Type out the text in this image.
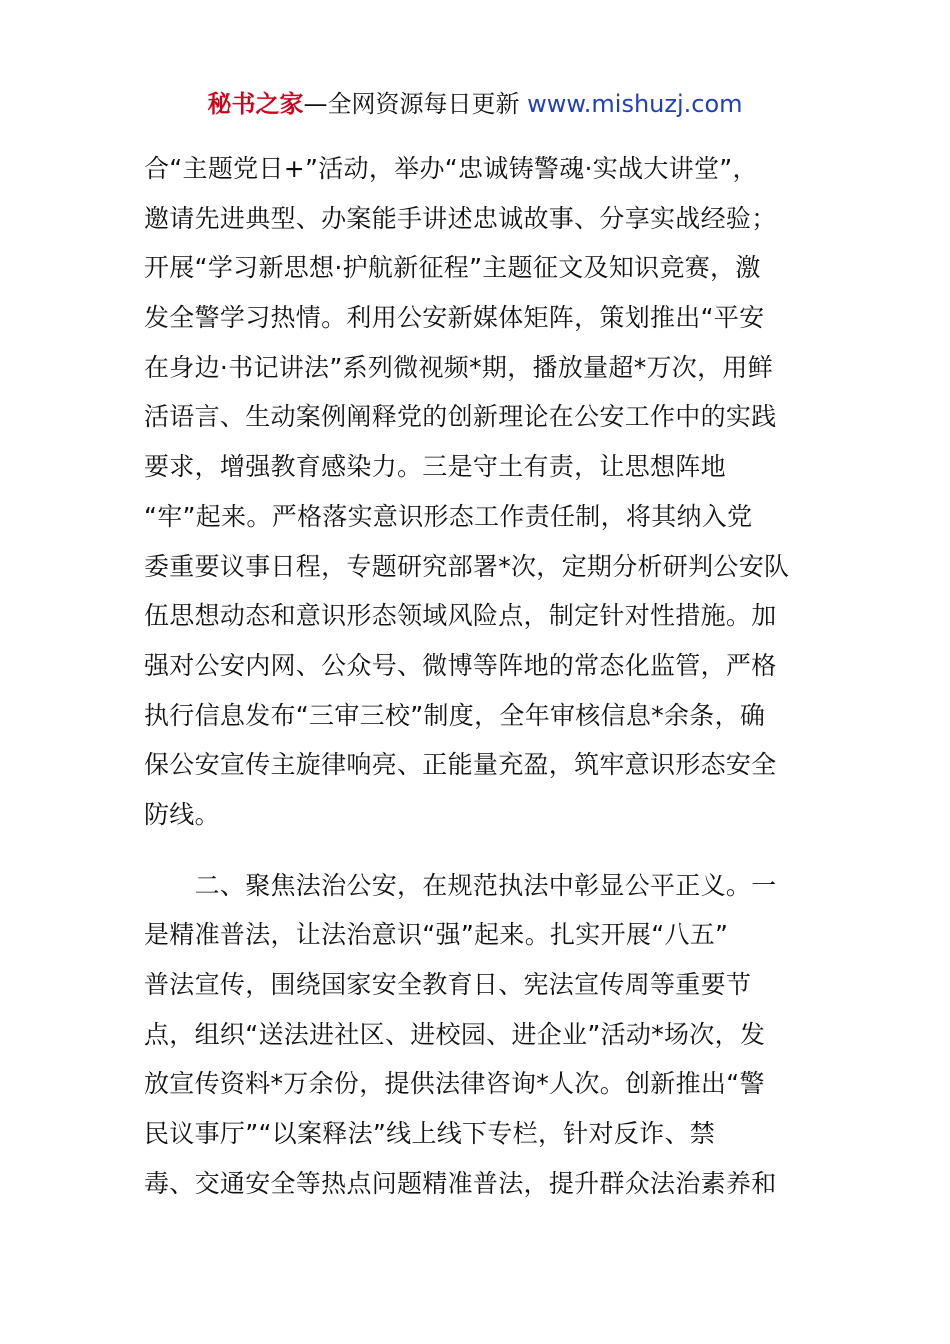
秘书之家—全网资源每日更新 www.mishuzj.com
合“主题党日+”活动，举办“忠诚铸警魂·实战大讲堂”，
邀请先进典型、办案能手讲述忠诚故事、分享实战经验；
开展“学习新思想·护航新征程”主题征文及知识竞赛，激
发全警学习热情。利用公安新媒体矩阵，策划推出“平安
在身边·书记讲法”系列微视频*期，播放量超*万次，用鲜
活语言、生动案例阐释党的创新理论在公安工作中的实践
要求，增强教育感染力。三是守土有责，让思想阵地
“牢”起来。严格落实意识形态工作责任制，将其纳入党
委重要议事日程，专题研究部署*次，定期分析研判公安队
伍思想动态和意识形态领域风险点，制定针对性措施。加
强对公安内网、公众号、微博等阵地的常态化监管，严格
执行信息发布“三审三校”制度，全年审核信息*余条，确
保公安宣传主旋律响亮、正能量充盈，筑牢意识形态安全
防线。
　　二、聚焦法治公安，在规范执法中彰显公平正义。一
是精准普法，让法治意识“强”起来。扎实开展“八五”
普法宣传，围绕国家安全教育日、宪法宣传周等重要节
点，组织“送法进社区、进校园、进企业”活动*场次，发
放宣传资料*万余份，提供法律咨询*人次。创新推出“警
民议事厅”“以案释法”线上线下专栏，针对反诈、禁
毒、交通安全等热点问题精准普法，提升群众法治素养和
